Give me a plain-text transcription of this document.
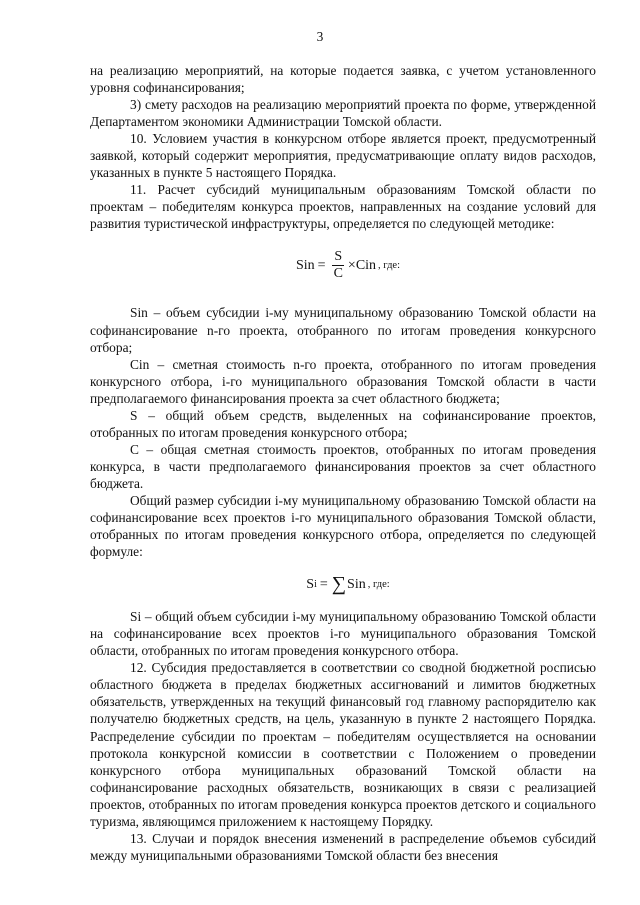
3

на реализацию мероприятий, на которые подается заявка, с учетом установленного уровня софинансирования;

3) смету расходов на реализацию мероприятий проекта по форме, утвержденной Департаментом экономики Администрации Томской области.

10. Условием участия в конкурсном отборе является проект, предусмотренный заявкой, который содержит мероприятия, предусматривающие оплату видов расходов, указанных в пункте 5 настоящего Порядка.

11. Расчет субсидий муниципальным образованиям Томской области по проектам – победителям конкурса проектов, направленных на создание условий для развития туристической инфраструктуры, определяется по следующей методике:

Sin = $\frac{S}{C}$ × Cin , где:

Sin – объем субсидии i-му муниципальному образованию Томской области на софинансирование n-го проекта, отобранного по итогам проведения конкурсного отбора;

Cin – сметная стоимость n-го проекта, отобранного по итогам проведения конкурсного отбора, i-го муниципального образования Томской области в части предполагаемого финансирования проекта за счет областного бюджета;

S – общий объем средств, выделенных на софинансирование проектов, отобранных по итогам проведения конкурсного отбора;

C – общая сметная стоимость проектов, отобранных по итогам проведения конкурса, в части предполагаемого финансирования проектов за счет областного бюджета.

Общий размер субсидии i-му муниципальному образованию Томской области на софинансирование всех проектов i-го муниципального образования Томской области, отобранных по итогам проведения конкурсного отбора, определяется по следующей формуле:

S i = ∑ Sin , где:

Si – общий объем субсидии i-му муниципальному образованию Томской области на софинансирование всех проектов i-го муниципального образования Томской области, отобранных по итогам проведения конкурсного отбора.

12. Субсидия предоставляется в соответствии со сводной бюджетной росписью областного бюджета в пределах бюджетных ассигнований и лимитов бюджетных обязательств, утвержденных на текущий финансовый год главному распорядителю как получателю бюджетных средств, на цель, указанную в пункте 2 настоящего Порядка. Распределение субсидии по проектам – победителям осуществляется на основании протокола конкурсной комиссии в соответствии с Положением о проведении конкурсного отбора муниципальных образований Томской области на софинансирование расходных обязательств, возникающих в связи с реализацией проектов, отобранных по итогам проведения конкурса проектов детского и социального туризма, являющимся приложением к настоящему Порядку.

13. Случаи и порядок внесения изменений в распределение объемов субсидий между муниципальными образованиями Томской области без внесения
